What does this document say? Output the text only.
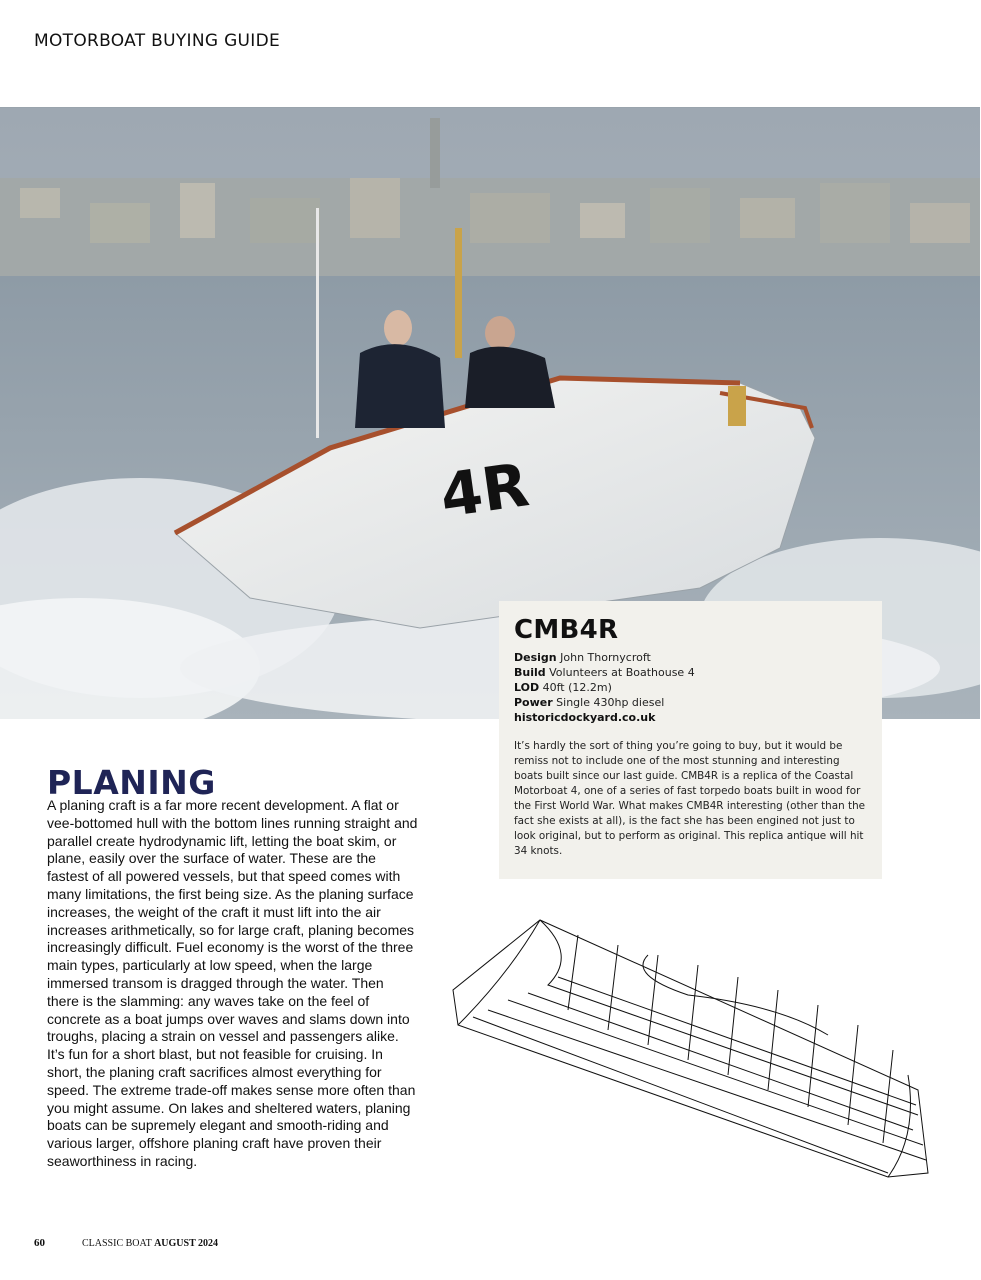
MOTORBOAT BUYING GUIDE
4R
CMB4R
Design John Thornycroft
Build Volunteers at Boathouse 4
LOD 40ft (12.2m)
Power Single 430hp diesel
historicdockyard.co.uk
It’s hardly the sort of thing you’re going to buy, but it would be remiss not to include one of the most stunning and interesting boats built since our last guide. CMB4R is a replica of the Coastal Motorboat 4, one of a series of fast torpedo boats built in wood for the First World War. What makes CMB4R interesting (other than the fact she exists at all), is the fact she has been engined not just to look original, but to perform as original. This replica antique will hit 34 knots.
PLANING
A planing craft is a far more recent development. A flat or vee-bottomed hull with the bottom lines running straight and parallel create hydrodynamic lift, letting the boat skim, or plane, easily over the surface of water. These are the fastest of all powered vessels, but that speed comes with many limitations, the first being size. As the planing surface increases, the weight of the craft it must lift into the air increases arithmetically, so for large craft, planing becomes increasingly difficult. Fuel economy is the worst of the three main types, particularly at low speed, when the large immersed transom is dragged through the water. Then there is the slamming: any waves take on the feel of concrete as a boat jumps over waves and slams down into troughs, placing a strain on vessel and passengers alike. It’s fun for a short blast, but not feasible for cruising. In short, the planing craft sacrifices almost everything for speed. The extreme trade-off makes sense more often than you might assume. On lakes and sheltered waters, planing boats can be supremely elegant and smooth-riding and various larger, offshore planing craft have proven their seaworthiness in racing.
60	CLASSIC BOAT AUGUST 2024
